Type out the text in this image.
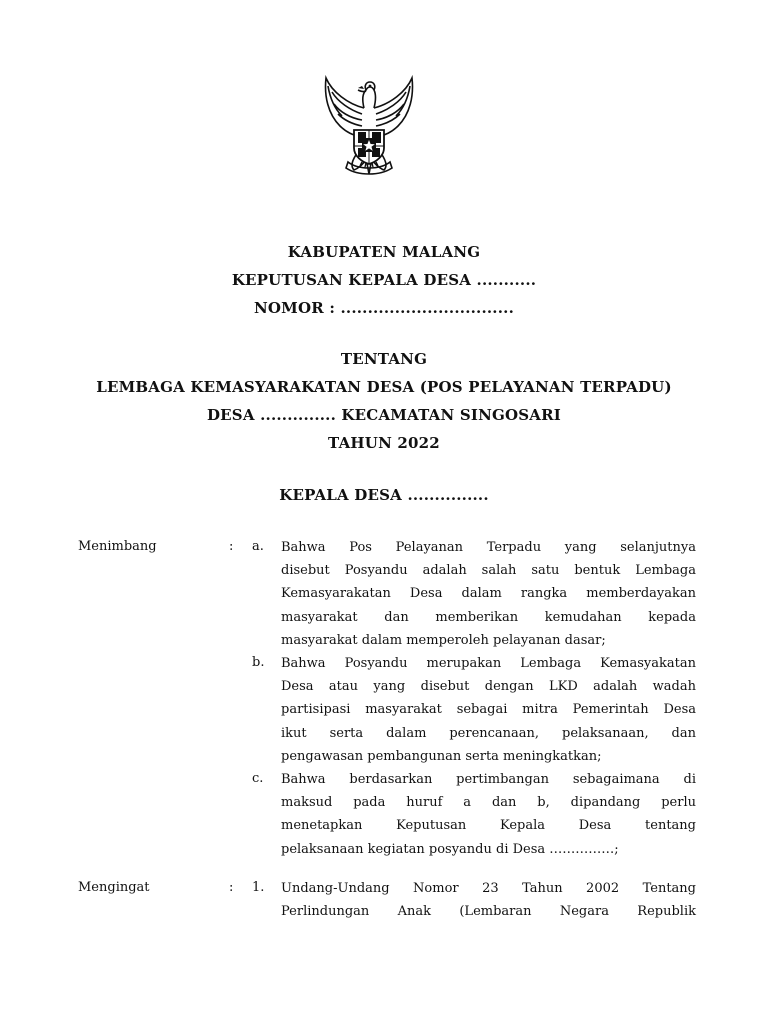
KABUPATEN MALANG
KEPUTUSAN KEPALA DESA ...........
NOMOR : ................................
TENTANG
LEMBAGA KEMASYARAKATAN DESA (POS PELAYANAN TERPADU)
DESA .............. KECAMATAN SINGOSARI
TAHUN 2022
KEPALA DESA ...............
Menimbang	: a. Bahwa Pos Pelayanan Terpadu yang selanjutnya
disebut Posyandu adalah salah satu bentuk Lembaga
Kemasyarakatan Desa dalam rangka memberdayakan
masyarakat dan memberikan kemudahan kepada
masyarakat dalam memperoleh pelayanan dasar;
b. Bahwa Posyandu merupakan Lembaga Kemasyakatan
Desa atau yang disebut dengan LKD adalah wadah
partisipasi masyarakat sebagai mitra Pemerintah Desa
ikut serta dalam perencanaan, pelaksanaan, dan
pengawasan pembangunan serta meningkatkan;
c. Bahwa berdasarkan pertimbangan sebagaimana di
maksud pada huruf a dan b, dipandang perlu
menetapkan Keputusan Kepala Desa tentang
pelaksanaan kegiatan posyandu di Desa ……………;
Mengingat	: 1. Undang-Undang Nomor 23 Tahun 2002 Tentang
Perlindungan Anak (Lembaran Negara Republik
